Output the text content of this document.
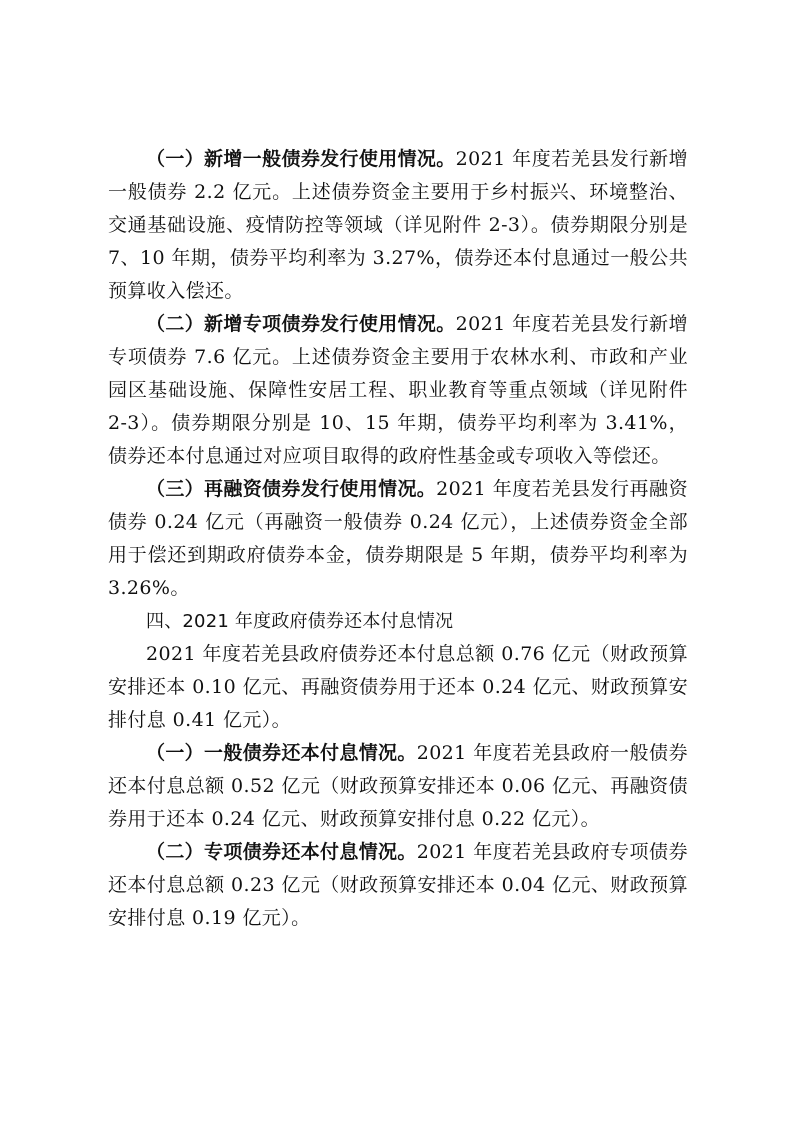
（一）新增一般债券发行使用情况。2021 年度若羌县发行新增一般债券 2.2 亿元。上述债券资金主要用于乡村振兴、环境整治、交通基础设施、疫情防控等领域（详见附件 2-3）。债券期限分别是 7、10 年期，债券平均利率为 3.27%，债券还本付息通过一般公共预算收入偿还。

（二）新增专项债券发行使用情况。2021 年度若羌县发行新增专项债券 7.6 亿元。上述债券资金主要用于农林水利、市政和产业园区基础设施、保障性安居工程、职业教育等重点领域（详见附件 2-3）。债券期限分别是 10、15 年期，债券平均利率为 3.41%，债券还本付息通过对应项目取得的政府性基金或专项收入等偿还。

（三）再融资债券发行使用情况。2021 年度若羌县发行再融资债券 0.24 亿元（再融资一般债券 0.24 亿元），上述债券资金全部用于偿还到期政府债券本金，债券期限是 5 年期，债券平均利率为 3.26%。

四、2021 年度政府债券还本付息情况

2021 年度若羌县政府债券还本付息总额 0.76 亿元（财政预算安排还本 0.10 亿元、再融资债券用于还本 0.24 亿元、财政预算安排付息 0.41 亿元）。

（一）一般债券还本付息情况。2021 年度若羌县政府一般债券还本付息总额 0.52 亿元（财政预算安排还本 0.06 亿元、再融资债券用于还本 0.24 亿元、财政预算安排付息 0.22 亿元）。

（二）专项债券还本付息情况。2021 年度若羌县政府专项债券还本付息总额 0.23 亿元（财政预算安排还本 0.04 亿元、财政预算安排付息 0.19 亿元）。
